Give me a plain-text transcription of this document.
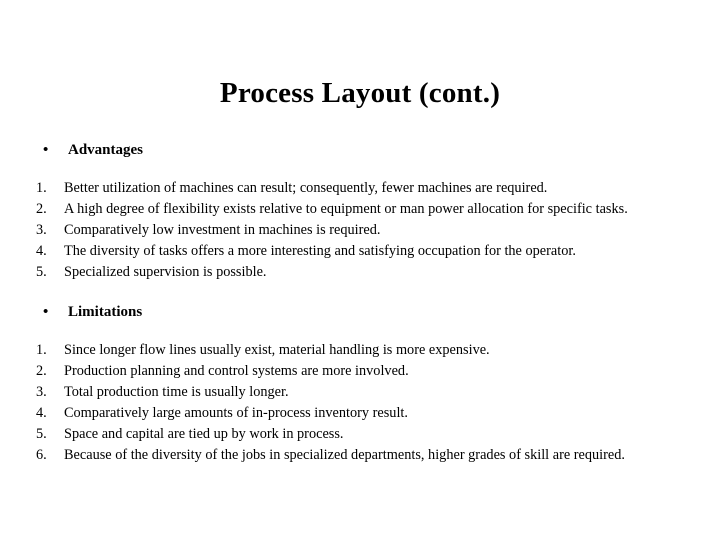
Process Layout (cont.)
• Advantages
1.	Better utilization of machines can result; consequently, fewer machines are required.
2.	A high degree of flexibility exists relative to equipment or man power allocation for specific tasks.
3.	Comparatively low investment in machines is required.
4.	The diversity of tasks offers a more interesting and satisfying occupation for the operator.
5.	Specialized supervision is possible.
• Limitations
1.	Since longer flow lines usually exist, material handling is more expensive.
2.	Production planning and control systems are more involved.
3.	Total production time is usually longer.
4.	Comparatively large amounts of in-process inventory result.
5.	Space and capital are tied up by work in process.
6.	Because of the diversity of the jobs in specialized departments, higher grades of skill are required.
